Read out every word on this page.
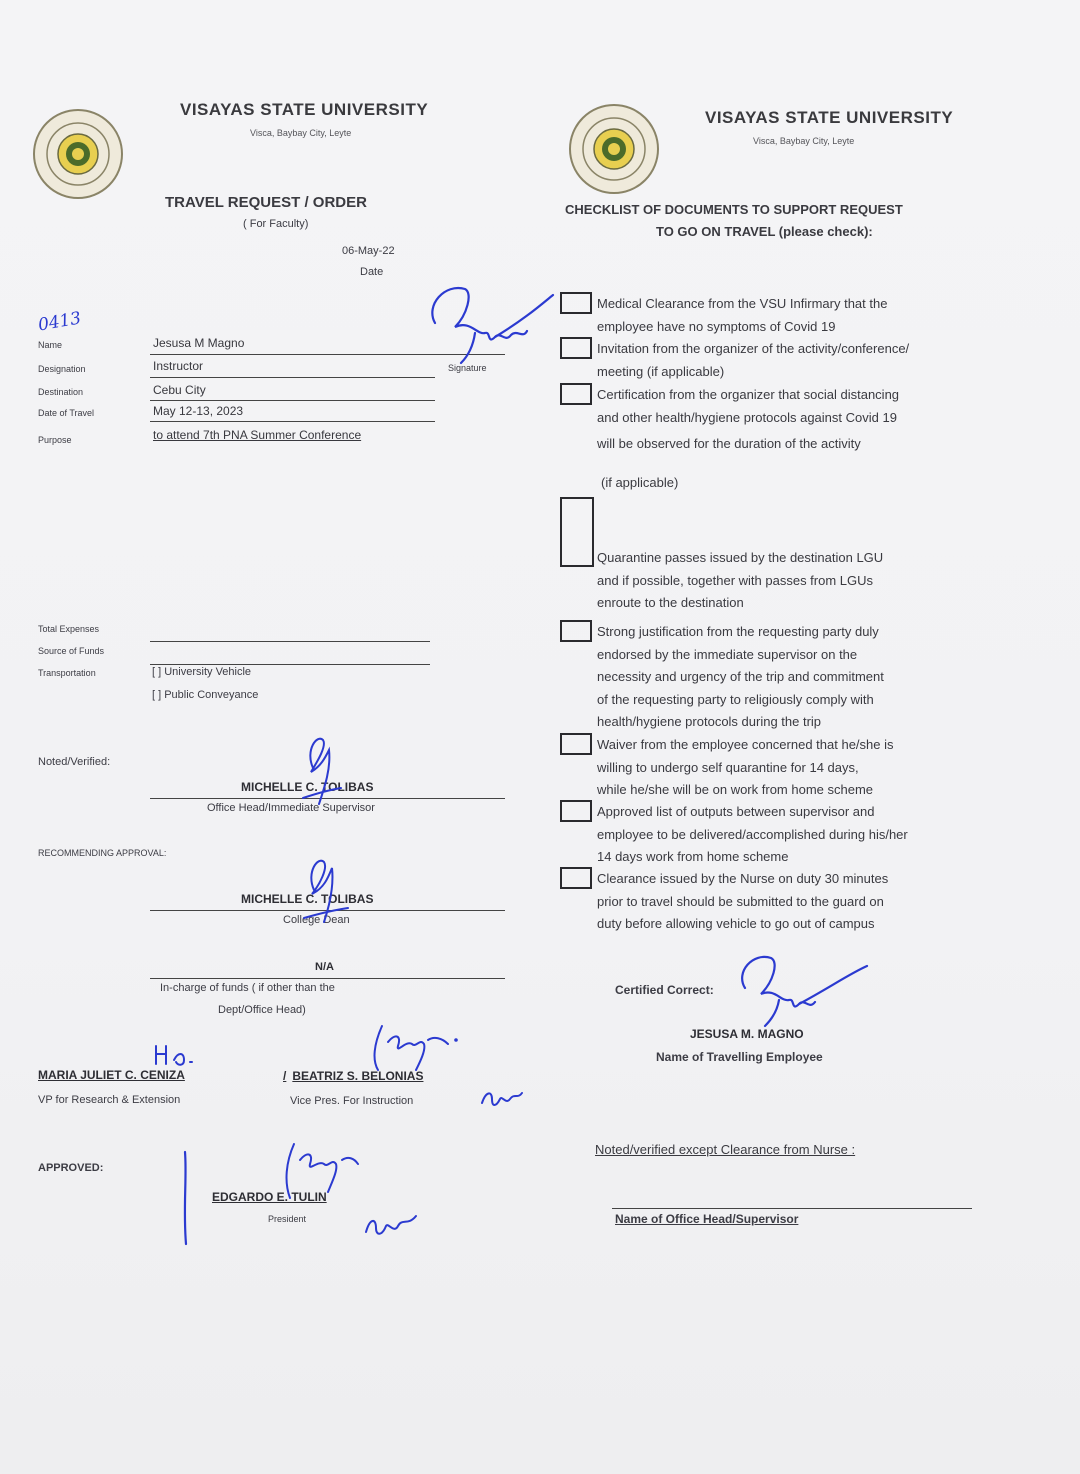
VISAYAS STATE UNIVERSITY
Visca, Baybay City, Leyte
TRAVEL REQUEST / ORDER
( For Faculty)
06-May-22
Date
0413
Name
Designation
Destination
Date of Travel
Purpose
Jesusa M Magno
Instructor
Cebu City
May 12-13, 2023
to attend 7th PNA Summer Conference
Signature
Total Expenses
Source of Funds
Transportation	[ ] University Vehicle
[ ] Public Conveyance
Noted/Verified:
MICHELLE C. TOLIBAS
Office Head/Immediate Supervisor
RECOMMENDING APPROVAL:
MICHELLE C. TOLIBAS
College Dean
N/A
In-charge of funds ( if other than the
Dept/Office Head)
MARIA JULIET C. CENIZA
VP for Research & Extension
/ BEATRIZ S. BELONIAS
Vice Pres. For Instruction
APPROVED:
EDGARDO E. TULIN
President
VISAYAS STATE UNIVERSITY
Visca, Baybay City, Leyte
CHECKLIST OF DOCUMENTS TO SUPPORT REQUEST
TO GO ON TRAVEL (please check):
Medical Clearance from the VSU Infirmary that the
employee have no symptoms of Covid 19
Invitation from the organizer of the activity/conference/
meeting (if applicable)
Certification from the organizer that social distancing
and other health/hygiene protocols against Covid 19
will be observed for the duration of the activity
(if applicable)
Quarantine passes issued by the destination LGU
and if possible, together with passes from LGUs
enroute to the destination
Strong justification from the requesting party duly
endorsed by the immediate supervisor on the
necessity and urgency of the trip and commitment
of the requesting party to religiously comply with
health/hygiene protocols during the trip
Waiver from the employee concerned that he/she is
willing to undergo self quarantine for 14 days,
while he/she will be on work from home scheme
Approved list of outputs between supervisor and
employee to be delivered/accomplished during his/her
14 days work from home scheme
Clearance issued by the Nurse on duty 30 minutes
prior to travel should be submitted to the guard on
duty before allowing vehicle to go out of campus
Certified Correct:
JESUSA M. MAGNO
Name of Travelling Employee
Noted/verified except Clearance from Nurse :
Name of Office Head/Supervisor
